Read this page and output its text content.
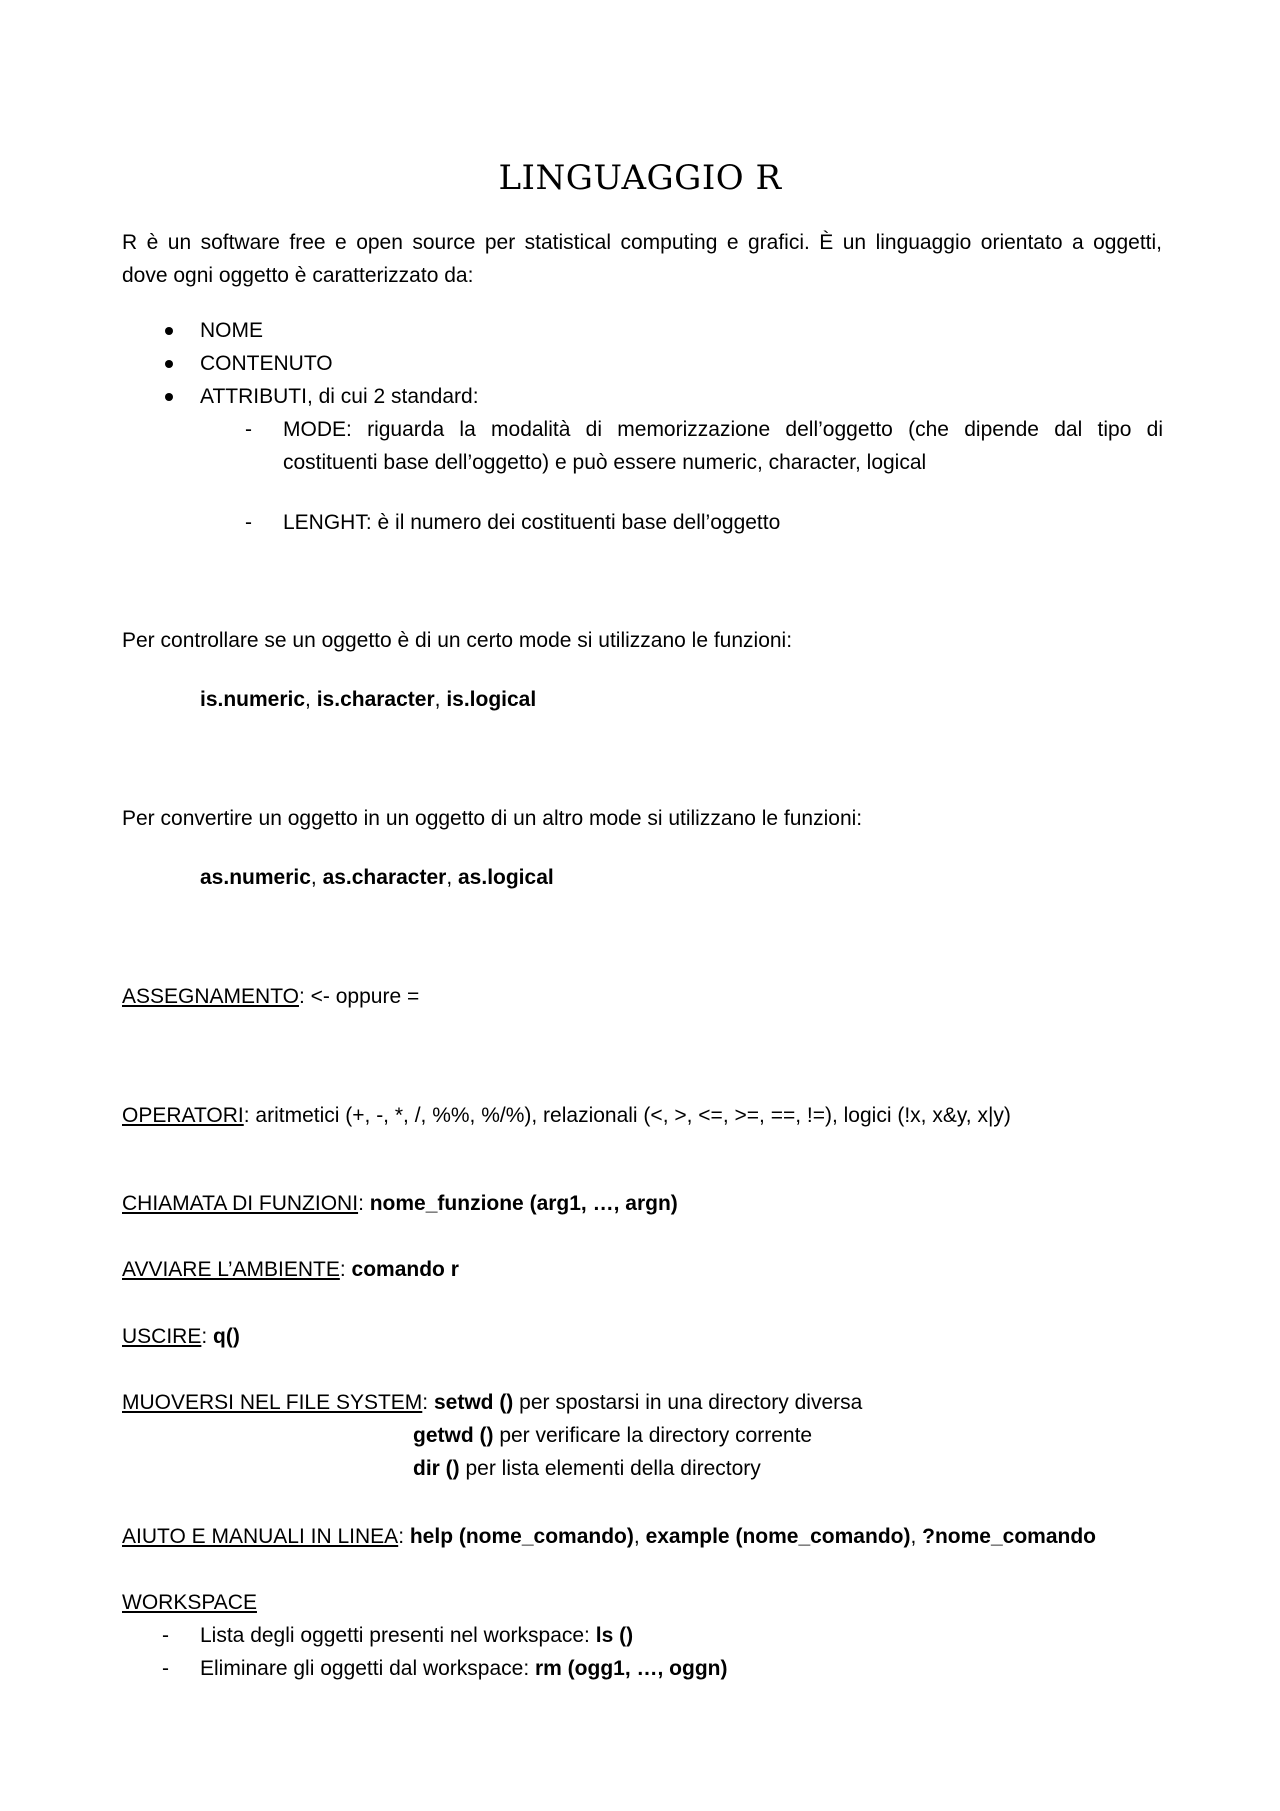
LINGUAGGIO R
R è un software free e open source per statistical computing e grafici. È un linguaggio orientato a oggetti,
dove ogni oggetto è caratterizzato da:
NOME
CONTENUTO
ATTRIBUTI, di cui 2 standard:
- MODE: riguarda la modalità di memorizzazione dell’oggetto (che dipende dal tipo di
costituenti base dell’oggetto) e può essere numeric, character, logical
- LENGHT: è il numero dei costituenti base dell’oggetto
Per controllare se un oggetto è di un certo mode si utilizzano le funzioni:
is.numeric, is.character, is.logical
Per convertire un oggetto in un oggetto di un altro mode si utilizzano le funzioni:
as.numeric, as.character, as.logical
ASSEGNAMENTO: <- oppure =
OPERATORI: aritmetici (+, -, *, /, %%, %/%), relazionali (<, >, <=, >=, ==, !=), logici (!x, x&y, x|y)
CHIAMATA DI FUNZIONI: nome_funzione (arg1, …, argn)
AVVIARE L’AMBIENTE: comando r
USCIRE: q()
MUOVERSI NEL FILE SYSTEM: setwd () per spostarsi in una directory diversa
getwd () per verificare la directory corrente
dir () per lista elementi della directory
AIUTO E MANUALI IN LINEA: help (nome_comando), example (nome_comando), ?nome_comando
WORKSPACE
- Lista degli oggetti presenti nel workspace: ls ()
- Eliminare gli oggetti dal workspace: rm (ogg1, …, oggn)
